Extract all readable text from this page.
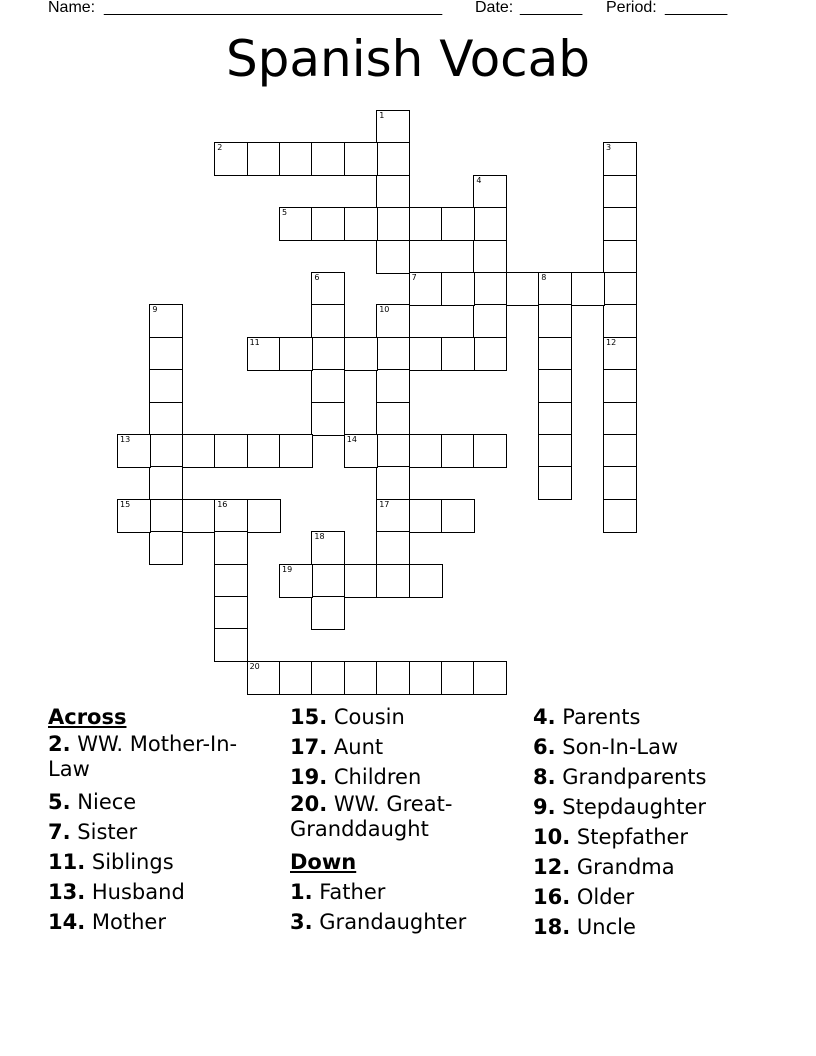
Name: ______________________________________ Date: _______ Period: _______
Spanish Vocab
1
2	3
4
5
6	7	8
9	10
17
11	12
13	14
15	16
18
19
20
Across
2. WW. Mother-In-Law
5. Niece
7. Sister
11. Siblings
13. Husband
14. Mother
15. Cousin
17. Aunt
19. Children
20. WW. Great-Granddaught
Down
1. Father
3. Grandaughter
4. Parents
6. Son-In-Law
8. Grandparents
9. Stepdaughter
10. Stepfather
12. Grandma
16. Older
18. Uncle
